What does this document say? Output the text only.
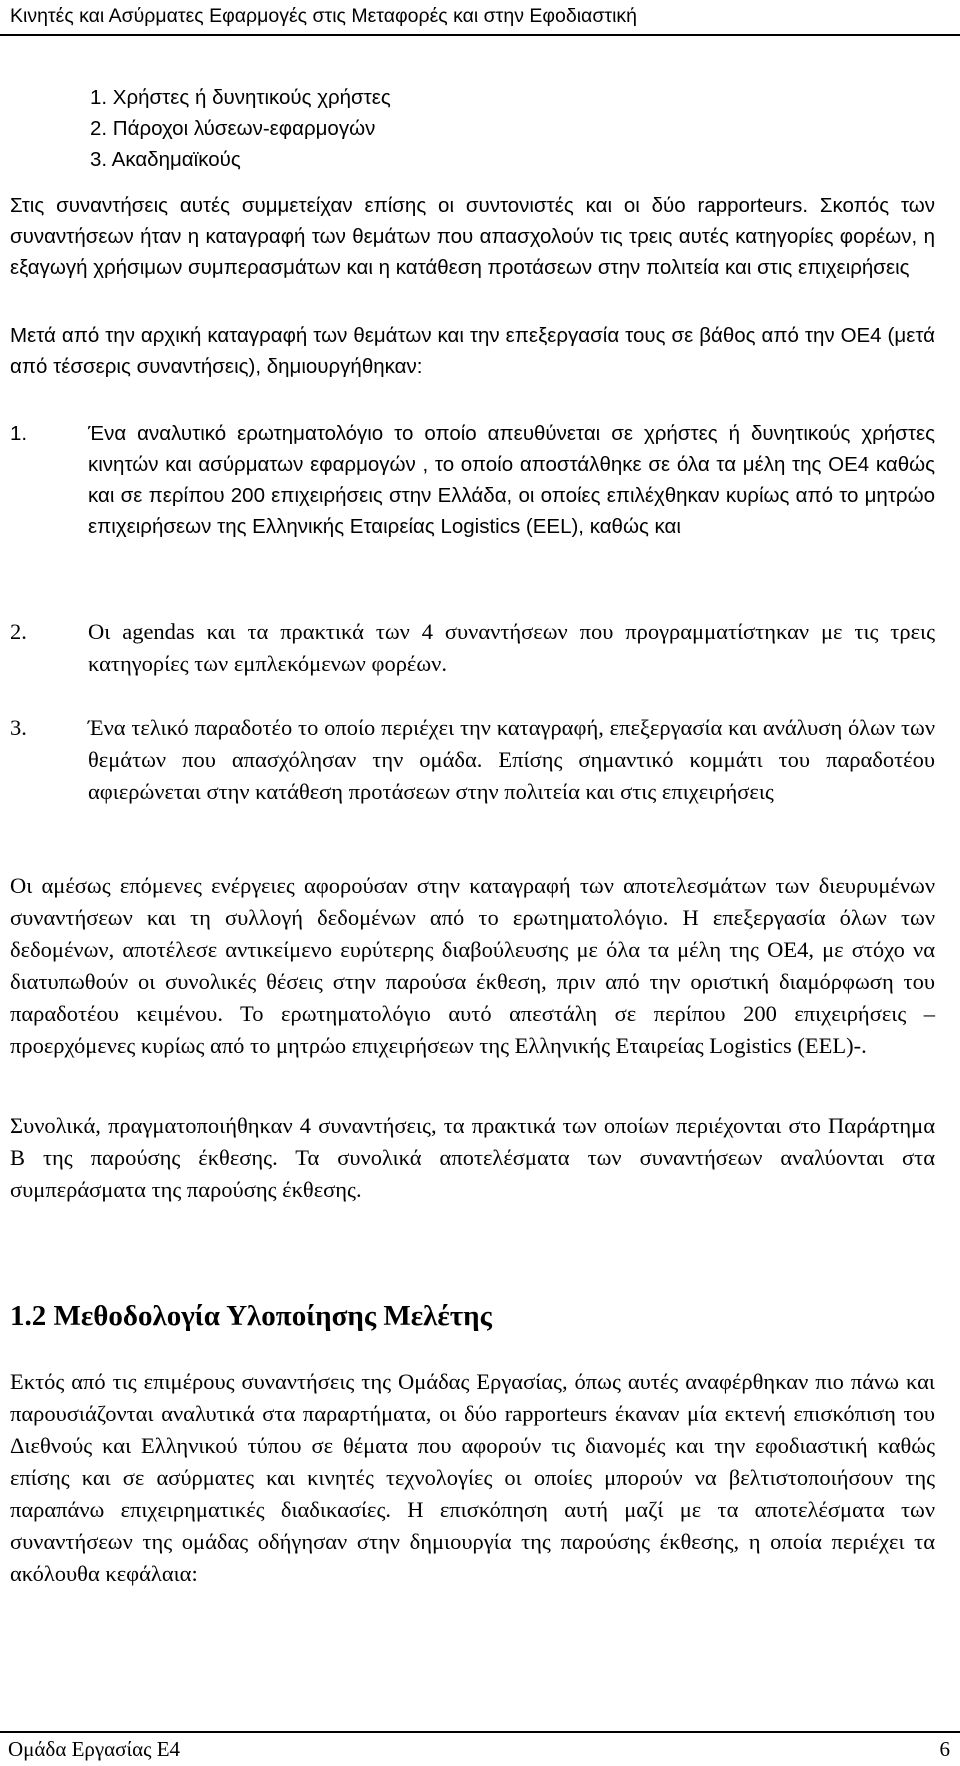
Κινητές και Ασύρματες Εφαρμογές στις Μεταφορές και στην Εφοδιαστική
1. Χρήστες ή δυνητικούς χρήστες
2. Πάροχοι λύσεων-εφαρμογών
3. Ακαδημαϊκούς

Στις συναντήσεις αυτές συμμετείχαν επίσης οι συντονιστές και οι δύο rapporteurs. Σκοπός των συναντήσεων ήταν η καταγραφή των θεμάτων που απασχολούν τις τρεις αυτές κατηγορίες φορέων, η εξαγωγή χρήσιμων συμπερασμάτων και η κατάθεση προτάσεων στην πολιτεία και στις επιχειρήσεις

Μετά από την αρχική καταγραφή των θεμάτων και την επεξεργασία τους σε βάθος από την ΟΕ4 (μετά από τέσσερις συναντήσεις), δημιουργήθηκαν:

1.	Ένα αναλυτικό ερωτηματολόγιο το οποίο απευθύνεται σε χρήστες ή δυνητικούς χρήστες κινητών και ασύρματων εφαρμογών , το οποίο αποστάλθηκε σε όλα τα μέλη της ΟΕ4 καθώς και σε περίπου 200 επιχειρήσεις στην Ελλάδα, οι οποίες επιλέχθηκαν κυρίως από το μητρώο επιχειρήσεων της Ελληνικής Εταιρείας Logistics (EEL), καθώς και
2.	Οι agendas και τα πρακτικά των 4 συναντήσεων που προγραμματίστηκαν με τις τρεις κατηγορίες των εμπλεκόμενων φορέων.
3.	Ένα τελικό παραδοτέο το οποίο περιέχει την καταγραφή, επεξεργασία και ανάλυση όλων των θεμάτων που απασχόλησαν την ομάδα. Επίσης σημαντικό κομμάτι του παραδοτέου αφιερώνεται στην κατάθεση προτάσεων στην πολιτεία και στις επιχειρήσεις

Οι αμέσως επόμενες ενέργειες αφορούσαν στην καταγραφή των αποτελεσμάτων των διευρυμένων συναντήσεων και τη συλλογή δεδομένων από το ερωτηματολόγιο. Η επεξεργασία όλων των δεδομένων, αποτέλεσε αντικείμενο ευρύτερης διαβούλευσης με όλα τα μέλη της ΟΕ4, με στόχο να διατυπωθούν οι συνολικές θέσεις στην παρούσα έκθεση, πριν από την οριστική διαμόρφωση του παραδοτέου κειμένου. Το ερωτηματολόγιο αυτό απεστάλη σε περίπου 200 επιχειρήσεις – προερχόμενες κυρίως από το μητρώο επιχειρήσεων της Ελληνικής Εταιρείας Logistics (EEL)-.

Συνολικά, πραγματοποιήθηκαν 4 συναντήσεις, τα πρακτικά των οποίων περιέχονται στο Παράρτημα Β της παρούσης έκθεσης. Τα συνολικά αποτελέσματα των συναντήσεων αναλύονται στα συμπεράσματα της παρούσης έκθεσης.

1.2 Μεθοδολογία Υλοποίησης Μελέτης

Εκτός από τις επιμέρους συναντήσεις της Ομάδας Εργασίας, όπως αυτές αναφέρθηκαν πιο πάνω και παρουσιάζονται αναλυτικά στα παραρτήματα, οι δύο rapporteurs έκαναν μία εκτενή επισκόπιση του Διεθνούς και Ελληνικού τύπου σε θέματα που αφορούν τις διανομές και την εφοδιαστική καθώς επίσης και σε ασύρματες και κινητές τεχνολογίες οι οποίες μπορούν να βελτιστοποιήσουν της παραπάνω επιχειρηματικές διαδικασίες. Η επισκόπηση αυτή μαζί με τα αποτελέσματα των συναντήσεων της ομάδας οδήγησαν στην δημιουργία της παρούσης έκθεσης, η οποία περιέχει τα ακόλουθα κεφάλαια:

Ομάδα Εργασίας Ε4	6
